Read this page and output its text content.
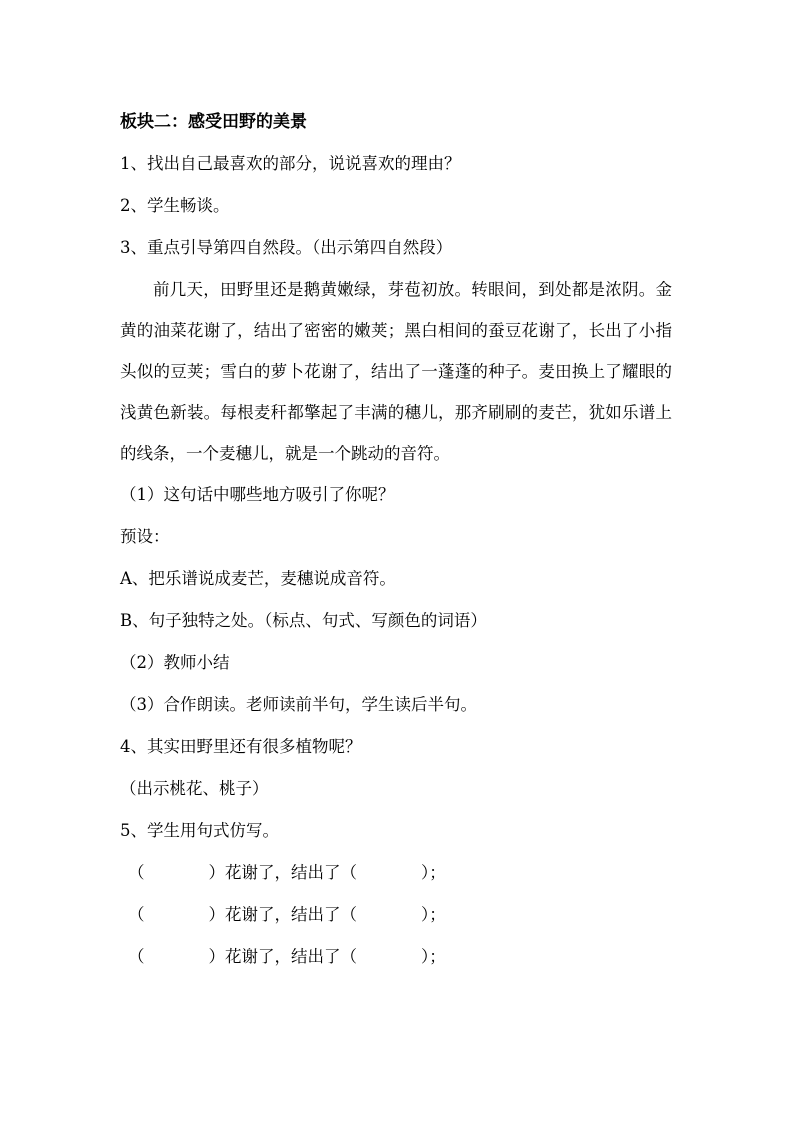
板块二：感受田野的美景
1、找出自己最喜欢的部分，说说喜欢的理由？
2、学生畅谈。
3、重点引导第四自然段。（出示第四自然段）

前几天，田野里还是鹅黄嫩绿，芽苞初放。转眼间，到处都是浓阴。金黄的油菜花谢了，结出了密密的嫩荚；黑白相间的蚕豆花谢了，长出了小指头似的豆荚；雪白的萝卜花谢了，结出了一蓬蓬的种子。麦田换上了耀眼的浅黄色新装。每根麦秆都擎起了丰满的穗儿，那齐刷刷的麦芒，犹如乐谱上的线条，一个麦穗儿，就是一个跳动的音符。

（1）这句话中哪些地方吸引了你呢？
预设：
A、把乐谱说成麦芒，麦穗说成音符。
B、句子独特之处。（标点、句式、写颜色的词语）
（2）教师小结
（3）合作朗读。老师读前半句，学生读后半句。
4、其实田野里还有很多植物呢？
（出示桃花、桃子）
5、学生用句式仿写。
（	）花谢了，结出了（	）；
（	）花谢了，结出了（	）；
（	）花谢了，结出了（	）；
